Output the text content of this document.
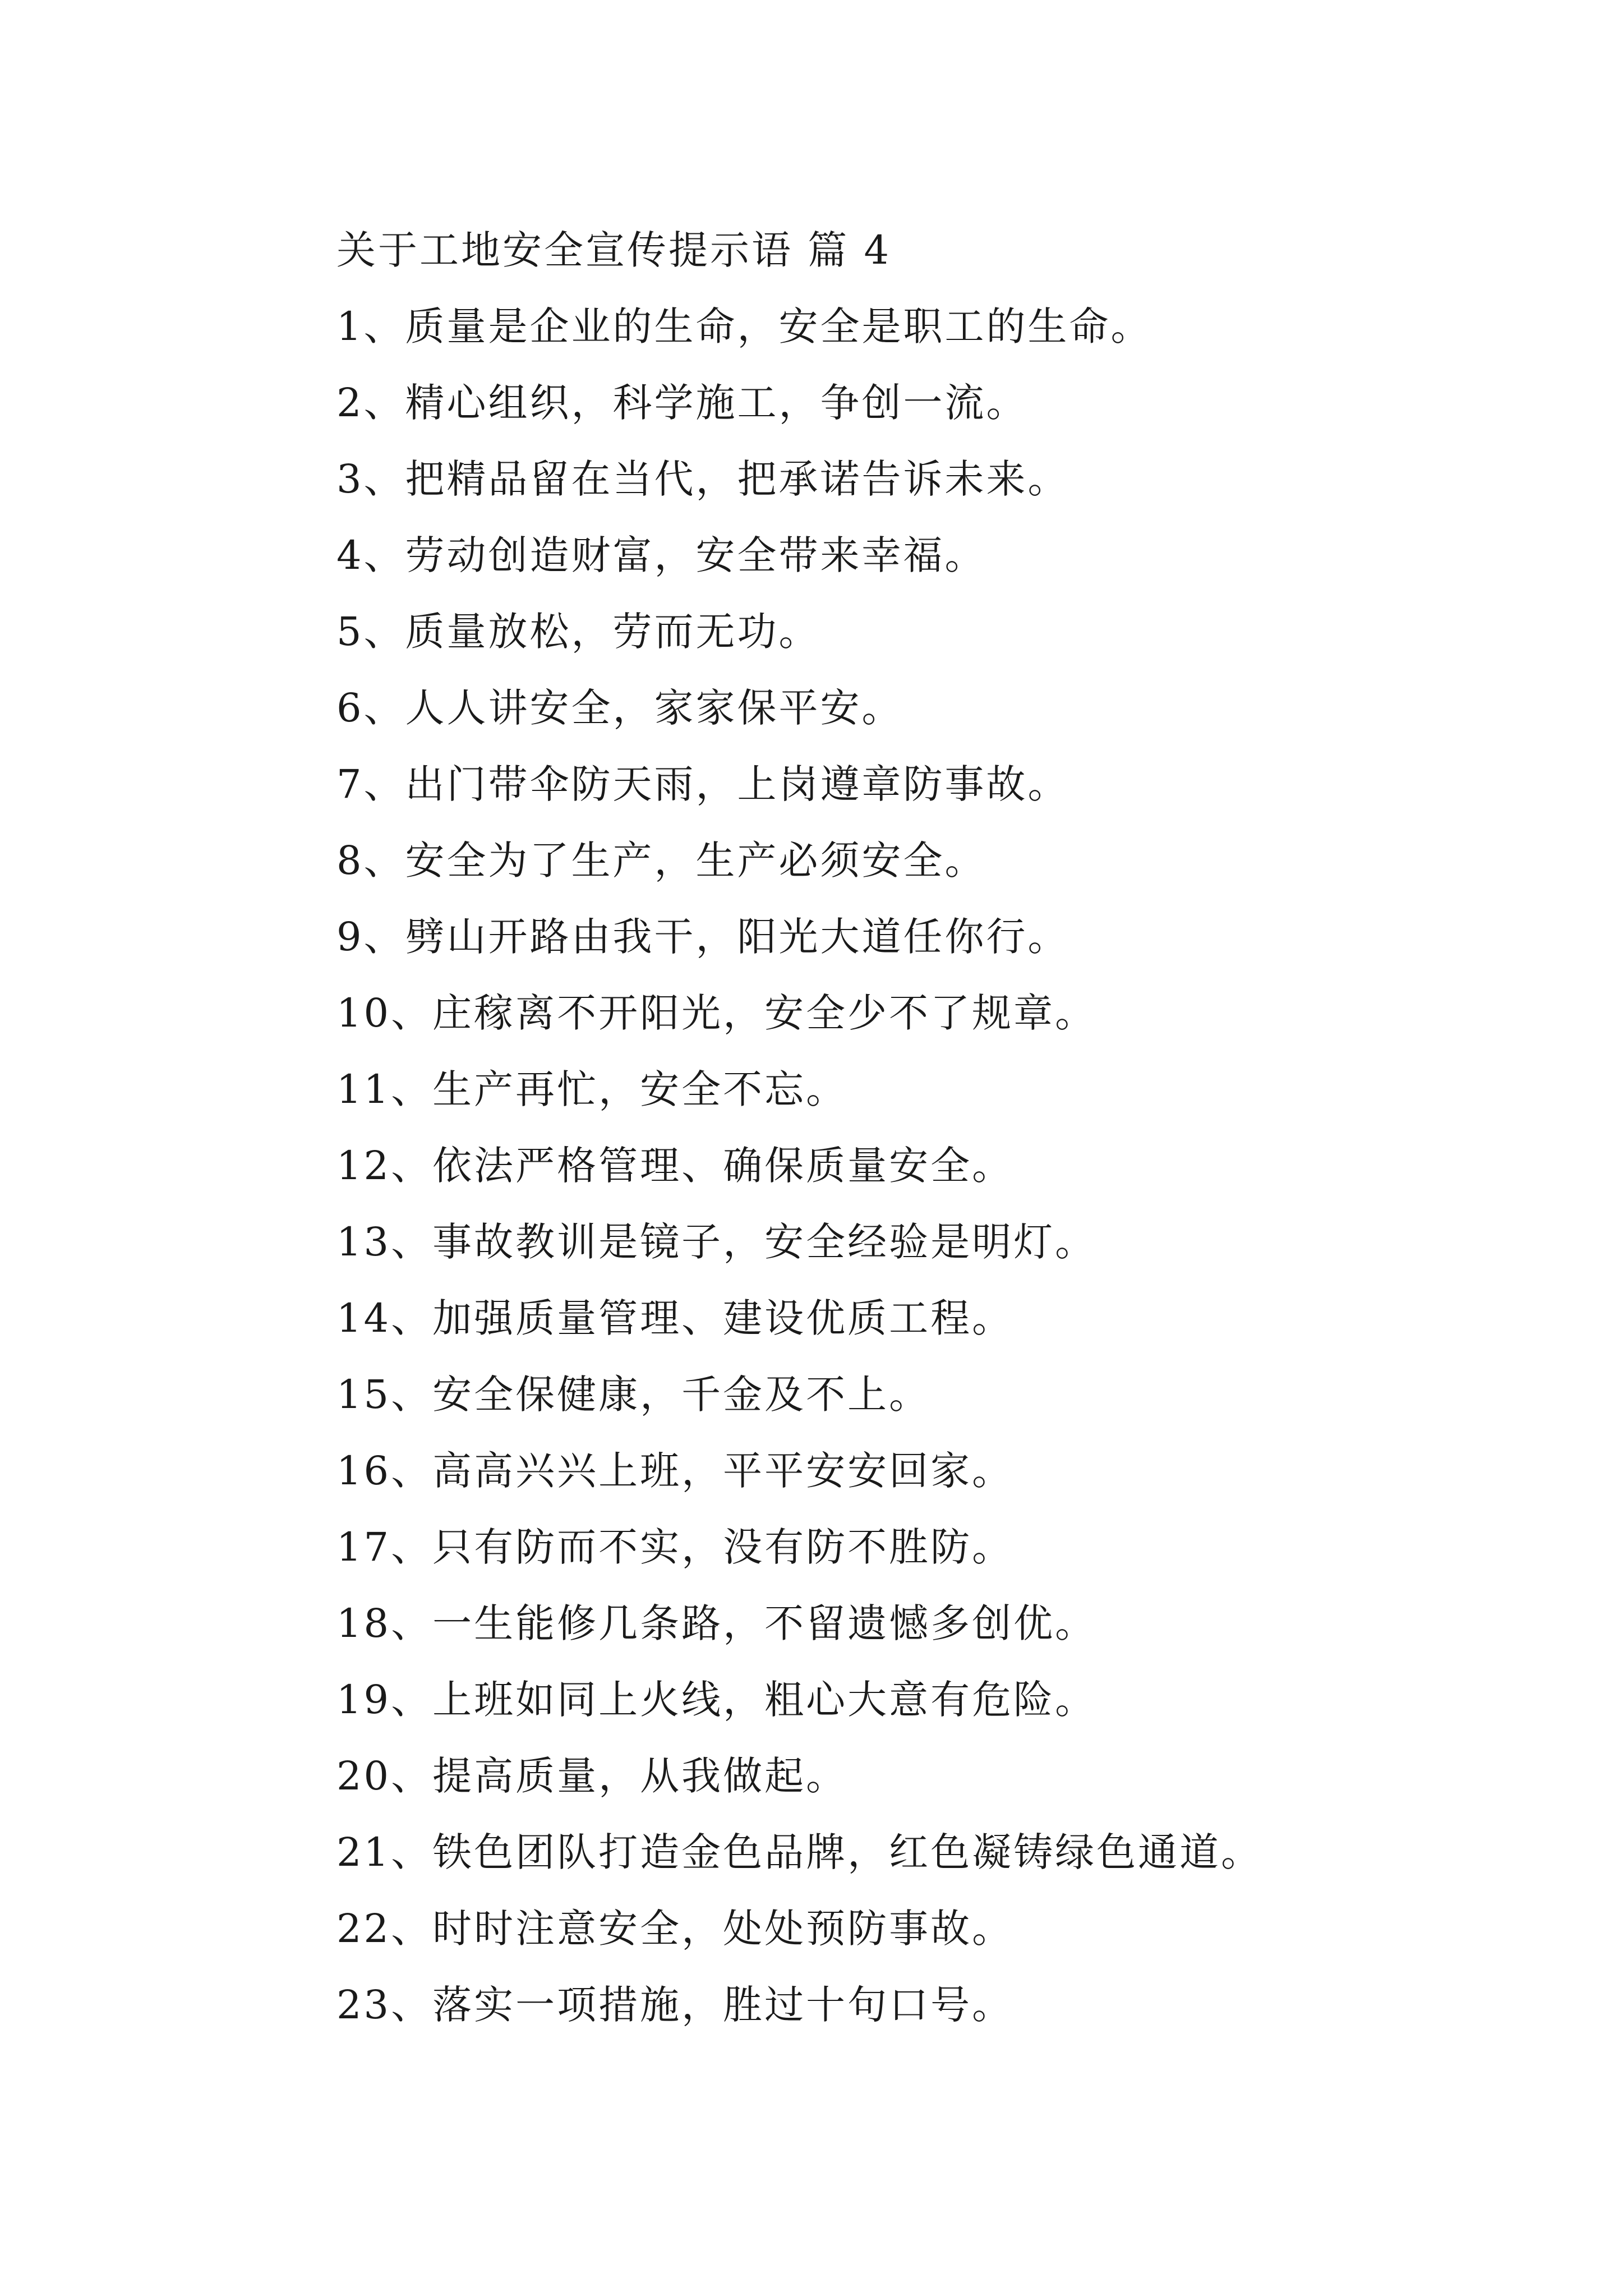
关于工地安全宣传提示语 篇 4
1、质量是企业的生命，安全是职工的生命。
2、精心组织，科学施工，争创一流。
3、把精品留在当代，把承诺告诉未来。
4、劳动创造财富，安全带来幸福。
5、质量放松，劳而无功。
6、人人讲安全，家家保平安。
7、出门带伞防天雨，上岗遵章防事故。
8、安全为了生产，生产必须安全。
9、劈山开路由我干，阳光大道任你行。
10、庄稼离不开阳光，安全少不了规章。
11、生产再忙，安全不忘。
12、依法严格管理、确保质量安全。
13、事故教训是镜子，安全经验是明灯。
14、加强质量管理、建设优质工程。
15、安全保健康，千金及不上。
16、高高兴兴上班，平平安安回家。
17、只有防而不实，没有防不胜防。
18、一生能修几条路，不留遗憾多创优。
19、上班如同上火线，粗心大意有危险。
20、提高质量，从我做起。
21、铁色团队打造金色品牌，红色凝铸绿色通道。
22、时时注意安全，处处预防事故。
23、落实一项措施，胜过十句口号。
